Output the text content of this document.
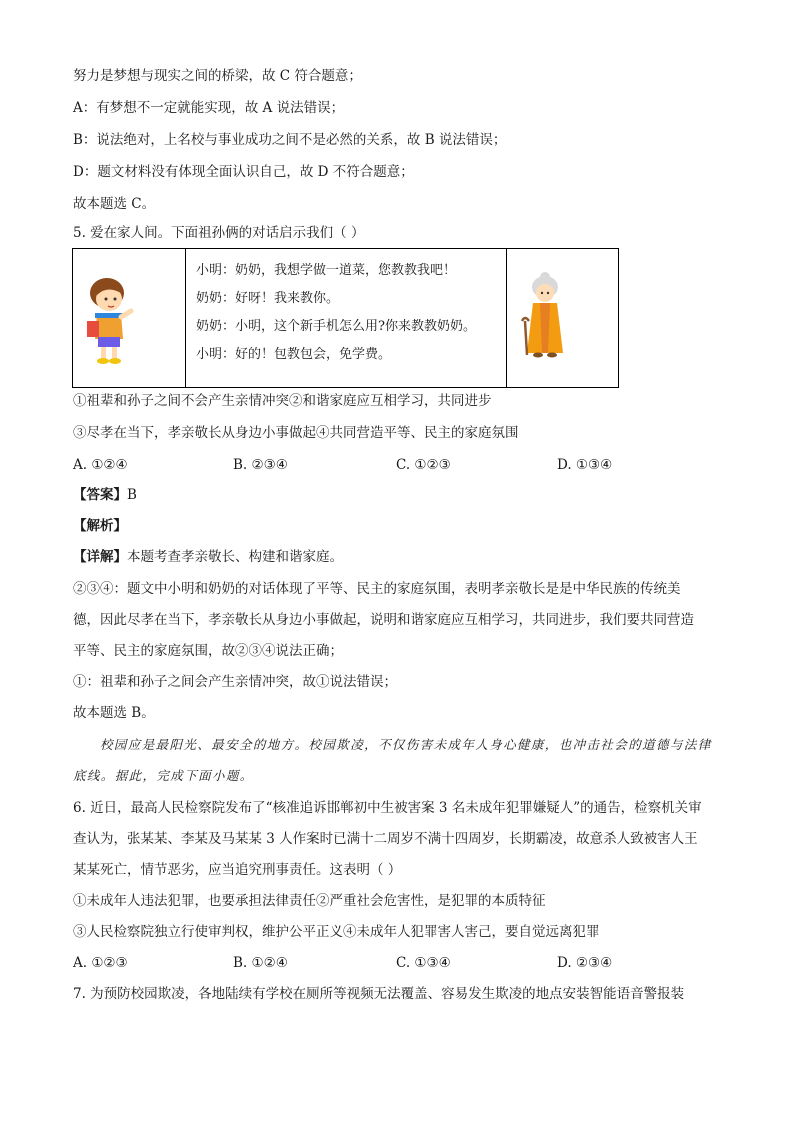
努力是梦想与现实之间的桥梁，故 C 符合题意；
A：有梦想不一定就能实现，故 A 说法错误；
B：说法绝对，上名校与事业成功之间不是必然的关系，故 B 说法错误；
D：题文材料没有体现全面认识自己，故 D 不符合题意；
故本题选 C。
5. 爱在家人间。下面祖孙俩的对话启示我们（ ）

小明：奶奶，我想学做一道菜，您教教我吧！
奶奶：好呀！我来教你。
奶奶：小明，这个新手机怎么用?你来教教奶奶。
小明：好的！包教包会，免学费。

①祖辈和孙子之间不会产生亲情冲突②和谐家庭应互相学习，共同进步
③尽孝在当下，孝亲敬长从身边小事做起④共同营造平等、民主的家庭氛围
A. ①②④	B. ②③④	C. ①②③	D. ①③④
【答案】B
【解析】
【详解】本题考查孝亲敬长、构建和谐家庭。
②③④：题文中小明和奶奶的对话体现了平等、民主的家庭氛围，表明孝亲敬长是是中华民族的传统美
德，因此尽孝在当下，孝亲敬长从身边小事做起，说明和谐家庭应互相学习，共同进步，我们要共同营造
平等、民主的家庭氛围，故②③④说法正确；
①：祖辈和孙子之间会产生亲情冲突，故①说法错误；
故本题选 B。
校园应是最阳光、最安全的地方。校园欺凌，不仅伤害未成年人身心健康，也冲击社会的道德与法律
底线。据此，完成下面小题。
6. 近日，最高人民检察院发布了“核准追诉邯郸初中生被害案 3 名未成年犯罪嫌疑人”的通告，检察机关审
查认为，张某某、李某及马某某 3 人作案时已满十二周岁不满十四周岁，长期霸凌，故意杀人致被害人王
某某死亡，情节恶劣，应当追究刑事责任。这表明（ ）
①未成年人违法犯罪，也要承担法律责任②严重社会危害性，是犯罪的本质特征
③人民检察院独立行使审判权，维护公平正义④未成年人犯罪害人害己，要自觉远离犯罪
A. ①②③	B. ①②④	C. ①③④	D. ②③④
7. 为预防校园欺凌，各地陆续有学校在厕所等视频无法覆盖、容易发生欺凌的地点安装智能语音警报装
